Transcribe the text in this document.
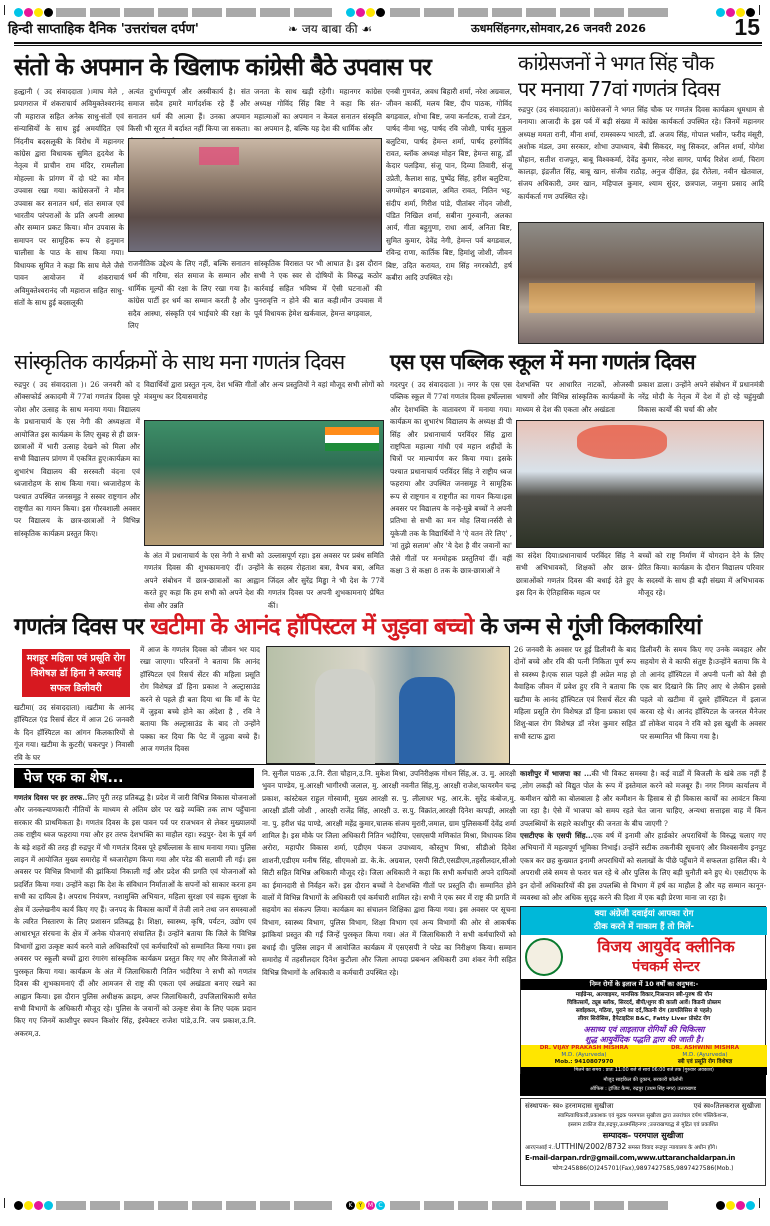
हिन्दी साप्ताहिक दैनिक 'उत्तरांचल दर्पण'	❧ जय बाबा की ☙	ऊधमसिंहनगर,सोमवार,26 जनवरी 2026	15
संतो के अपमान के खिलाफ कांग्रेसी बैठे उपवास पर
हल्द्वानी ( उद संवाददाता )।माघ मेले , प्रयागराज में शंकराचार्य अविमुक्तेश्वरानंद जी महाराज सहित अनेक साधु-संतों एवं संन्यासियों के साथ हुई अमर्यादित एवं निंदनीय बदसलूकी के विरोध में महानगर कांग्रेस द्वारा विधायक सुमित हृदयेश के नेतृत्व में प्राचीन राम मंदिर, रामलीला मोहल्ला के प्रांगण में दो घंटे का मौन उपवास रखा गया। कांग्रेसजनों ने मौन उपवास कर सनातन धर्म, संत समाज एवं भारतीय परंपराओं के प्रति अपनी आस्था और सम्मान प्रकट किया। मौन उपवास के समापन पर सामूहिक रूप से हनुमान चालीसा के पाठ के साथ किया गया। विधायक सुमित ने कहा कि साघ मेले जैसे पावन आयोजन में शंकराचार्य अविमुक्तेश्वरानंद जी महाराज सहित साधु-संतों के साथ हुई बदसलूकी
अत्यंत दुर्भाग्यपूर्ण और अस्वीकार्य है। संत समाज सदैव हमारे मार्गदर्शक रहे हैं और सनातन धर्म की आत्मा हैं। उनका अपमान किसी भी सूरत में बर्दाश्त नहीं किया जा सकता।
जनता के साथ खड़ी रहेगी। महानगर कांग्रेस अध्यक्ष गोविंद सिंह बिष्ट ने कहा कि संत-महात्माओं का अपमान न केवल सनातन संस्कृति का अपमान है, बल्कि यह देश की धार्मिक और
एनबी गुणवंत, अवध बिहारी शर्मा, नरेश अग्रवाल, जीवन कार्की, मलय बिष्ट, दीप पाठक, गोविंद बगड़वाल, शोभा बिष्ट, जया कर्नाटक, राजो टंडन, पार्षद नीमा भट्ट, पार्षद रवि जोशी, पार्षद मुकुल बलुटिया, पार्षद हेमन्त शर्मा, पार्षद हरगोविंद रावत, ब्लॉक अध्यक्ष मोहन बिष्ट, हेमन्त साहू, डॉ केदार पलड़िया, संजू पान, दिव्या तिवारी, संजू उप्रेती, कैलाश साह, पुष्पेंद्र सिंह, हरीश बलुटिया, जगमोहन बगडवाल, अमित रावत, नितिन भट्ट, संदीप शर्मा, गिरीश पांडे, पीतांबर नोंदन जोशी, पंडित निखिल शर्मा, सबीना गुरुवानी, अलका आर्य, गीता बहुगुणा, राधा आर्य, अनिता बिष्ट, सुमित कुमार, देवेंद्र नेगी, हेमन्त पर्व बगडवाल, रविन्द्र राणा, कार्तिक बिष्ट, हिमांशु जोशी, जीवन बिष्ट, उदित करायत, राम सिंह नगरकोटी, हर्ष कबीरा आदि उपस्थित रहे।
राजनीतिक उद्देश्य के लिए नहीं, बल्कि सनातन धर्म की गरिमा, संत समाज के सम्मान और धार्मिक मूल्यों की रक्षा के लिए रखा गया है। कांग्रेस पार्टी हर धर्म का सम्मान करती है और सदैव आस्था, संस्कृति एवं भाईचारे की रक्षा के लिए
सांस्कृतिक विरासत पर भी आघात है। इस दौरान सभी ने एक स्वर से दोषियों के विरुद्ध कठोर कार्रवाई सहित भविष्य में ऐसी घटनाओं की पुनरावृत्ति न होने की बात कही।मौन उपवास में पूर्व विधायक हेमेश खर्कवाल, हेमन्त बगड़वाल,
कांग्रेसजनों ने भगत सिंह चौक
पर मनाया 77वां गणतंत्र दिवस
रुद्रपुर (उद संवाददाता)। कांग्रेसजनों ने भगत सिंह चौक पर गणतंत्र दिवस कार्यक्रम धूमधाम से मनाया। आजादी के इस पर्व में बड़ी संख्या में कांग्रेस कार्यकर्ता उपस्थित रहे। जिनमें महानगर अध्यक्ष ममता रानी, मीना शर्मा, रामस्वरूप भारती, डॉ. अजय सिंह, गोपाल भसीन, फरीद मंसूरी, अशोक मंडल, उमा सरकार, शोभा उपाध्याय, बेबी सिकदर, मधु सिकदर, अनिल शर्मा, योगेश चौहान, सतीश राजपूत, बाबू विश्वकर्मा, देवेंद्र कुमार, नरेश सागर, पार्षद रिशेश शर्मा, चिराग कालड़ा, इंद्रजीत सिंह, बाबू खान, संजीव राठौड़, अनुज दीक्षित, इंद्र रौतेला, नवीन खेतवाल, संजय अधिकारी, उमर खान, महिपाल कुमार, श्याम सुंदर, छत्रपाल, जमुना प्रसाद आदि कार्यकर्ता गण उपस्थित रहे।
सांस्कृतिक कार्यक्रमों के साथ मना गणतंत्र दिवस
रुद्रपुर ( उद संवाददाता )। 26 जनवरी को द ऑक्सफोर्ड अकादमी में 77वां गणतंत्र दिवस पूरे जोश और उत्साह के साथ मनाया गया। विद्यालय के प्रधानाचार्य के एस नेगी की अध्यक्षता में आयोजित इस कार्यक्रम के लिए सुबह से ही छात्र-छात्राओं में भारी उत्साह देखने को मिला और सभी विद्यालय प्रांगण में एकत्रित हुए।कार्यक्रम का शुभारंभ विद्यालय की सरस्वती वंदना एवं ध्वजारोहण के साथ किया गया। ध्वजारोहण के पश्चात उपस्थित जनसमूह ने सस्वर राष्ट्रगान और राष्ट्रगीत का गायन किया। इस गौरवशाली अवसर पर विद्यालय के छात्र-छात्राओं ने विभिन्न सांस्कृतिक कार्यक्रम प्रस्तुत किए।
विद्यार्थियों द्वारा प्रस्तुत नृत्य, देश भक्ति गीतों और अन्य प्रस्तुतियों ने वहां मौजूद सभी लोगों को मंत्रमुग्ध कर दियासमारोह
के अंत में प्रधानाचार्य के एस नेगी ने सभी को गणतंत्र दिवस की शुभकामनाएं दीं। उन्होंने अपने संबोधन में छात्र-छात्राओं का आह्वान करते हुए कहा कि हम सभी को अपने देश की सेवा और उन्नति
उल्लासपूर्ण रहा। इस अवसर पर प्रबंध समिति के सदस्य रोहताश बत्रा, वैभव बत्रा, अमित जिंदल और सुरेंद्र मिड्ढा ने भी देश के 77वें गणतंत्र दिवस पर अपनी शुभकामनाएं प्रेषित कीं।
एस एस पब्लिक स्कूल में मना गणतंत्र दिवस
गदरपुर ( उद संवाददाता )। नगर के एस एस पब्लिक स्कूल में 77वां गणतंत्र दिवस हर्षोल्लास और देशभक्ति के वातावरण में मनाया गया। कार्यक्रम का शुभारंभ विद्यालय के अध्यक्ष डी पी सिंह और प्रधानाचार्य परविंदर सिंह द्वारा राष्ट्रपिता महात्मा गांधी एवं महान शहीदों के चित्रों पर माल्यार्पण कर किया गया। इसके पश्चात प्रधानाचार्य परविंदर सिंह ने राष्ट्रीय ध्वज फहराया और उपस्थित जनसमूह ने सामूहिक रूप से राष्ट्रगान व राष्ट्रगीत का गायन किया।इस अवसर पर विद्यालय के नन्हे-मुन्ने बच्चों ने अपनी प्रतिभा से सभी का मन मोह लिया।नर्सरी से यूकेजी तक के विद्यार्थियों ने 'ऐ वतन तेरे लिए' , 'मां तुझे सलाम' और 'ये देश है वीर जवानों का' जैसे गीतों पर मनमोहक प्रस्तुतियां दीं। वहीं कक्षा 3 से कक्षा 8 तक के छात्र-छात्राओं ने
देशभक्ति पर आधारित नाटकों, ओजस्वी भाषणों और विभिन्न सांस्कृतिक कार्यक्रमों के माध्यम से देश की एकता और अखंडता
प्रकाश डाला। उन्होंने अपने संबोधन में प्रधानमंत्री नरेंद्र मोदी के नेतृत्व में देश में हो रहे चहुंमुखी विकास कार्यों की चर्चा की और
का संदेश दिया।प्रधानाचार्य परविंदर सिंह ने सभी अभिभावकों, शिक्षकों और छात्र-छात्राओंको गणतंत्र दिवस की बधाई देते हुए इस दिन के ऐतिहासिक महत्व पर
बच्चों को राष्ट्र निर्माण में योगदान देने के लिए प्रेरित किया। कार्यक्रम के दौरान विद्यालय परिवार के सदस्यों के साथ ही बड़ी संख्या में अभिभावक मौजूद रहे।
गणतंत्र दिवस पर खटीमा के आनंद हॉपिस्टल में जुड़वा बच्चो के जन्म से गूंजी किलकारियां
मशहूर महिला एवं प्रसूति रोग विशेषज्ञ डॉ हिना ने करवाई सफल डिलीवरी
खटीमा( उद संवाददाता) ।खटीमा के आनंद हॉस्पिटल एंड रिसर्च सेंटर में आज 26 जनवरी के दिन हॉस्पिटल का आंगन किलकारियों से गूंज गया। खटीमा के कुटरी( चकरपुर ) निवासी रवि के घर
में आज के गणतंत्र दिवस को जीवन भर याद रखा जाएगा। परिजनों ने बताया कि आनंद हॉस्पिटल एवं रिसर्च सेंटर की महिला प्रसूति रोग विशेषज्ञ डॉ हिना प्रकाश ने अल्ट्रासाउंड करने से पहले ही बता दिया था कि माँ के पेट में जुड़वा बच्चे होने का अंदेशा है , रवि ने बताया कि अल्ट्रासाउंड के बाद तो उन्होंने पक्का कर दिया कि पेट में जुड़वा बच्चे हैं। आज गणतंत्र दिवस
26 जनवरी के अवसर पर हुई डिलीवरी के बाद दोनों बच्चे और रवि की पत्नी निकिता पूर्ण रूप से स्वस्थ्य है।एक साल पहले ही अप्रेल माह हो वैवाहिक जीवन में प्रवेश हुए रवि ने बताया कि खटीमा के आनंद हॉस्पिटल एवं रिसर्च सेंटर की महिला प्रसूति रोग विशेषज्ञ डॉ हिना प्रकाश एवं शिशु-बाल रोग विशेषज्ञ डॉ नरेश कुमार सहित सभी स्टाफ द्वारा
डिलीवरी के समय किए गए उनके व्यवहार और सहयोग से वे काफी संतुष्ट है।उन्होंने बताया कि वे तो आनंद हॉस्पिटल में अपनी पत्नी को वैसे ही एक बार दिखाने कि लिए आए थे लेकीन इससे पहले वो खटीमा में दूसरे हॉस्पिटल में इलाज करवा रहे थे। आनंद हॉस्पिटल के जनरल मैनेजर डॉ लोकेश यादव ने रवि को इस खुशी के अवसर पर सम्मानित भी किया गया है।
पेज एक का शेष...
गणतंत्र दिवस पर हर तरफ..लिए पूरी तरह प्रतिबद्ध है। प्रदेश में जारी विभिन्न विकास योजनाओं और जनकल्याणकारी नीतियों के माध्यम से अंतिम छोर पर खड़े व्यक्ति तक लाभ पहुँचाना सरकार की प्राथमिकता है। गणतंत्र दिवस के इस पावन पर्व पर राजभवन से लेकर मुख्यालयों तक राष्ट्रीय ध्वज फहराया गया और हर तरफ देशभक्ति का माहौल रहा। रुद्रपुर- देश के पूर्व वर्ग के बड़े शहरों की तरह ही रुद्रपुर में भी गणतंत्र दिवस पूरे हर्षोल्लास के साथ मनाया गया। पुलिस लाइन में आयोजित मुख्य समारोह में ध्वजारोहण किया गया और परेड की सलामी ली गई। इस अवसर पर विभिन्न विभागों की झांकियां निकाली गईं और प्रदेश की प्रगति एवं योजनाओं को प्रदर्शित किया गया। उन्होंने कहा कि देश के संविधान निर्माताओं के सपनों को साकार करना हम सभी का दायित्व है। अपराध नियंत्रण, नशामुक्ति अभियान, महिला सुरक्षा एवं सड़क सुरक्षा के क्षेत्र में उल्लेखनीय कार्य किए गए हैं। जनपद के विकास कार्यों में तेजी लाने तथा जन समस्याओं के त्वरित निस्तारण के लिए प्रशासन प्रतिबद्ध है। शिक्षा, स्वास्थ्य, कृषि, पर्यटन, उद्योग एवं आधारभूत संरचना के क्षेत्र में अनेक योजनाएं संचालित हैं। उन्होंने बताया कि जिले के विभिन्न विभागों द्वारा उत्कृष्ट कार्य करने वाले अधिकारियों एवं कर्मचारियों को सम्मानित किया गया। इस अवसर पर स्कूली बच्चों द्वारा रंगारंग सांस्कृतिक कार्यक्रम प्रस्तुत किए गए और विजेताओं को पुरस्कृत किया गया। कार्यक्रम के अंत में जिलाधिकारी नितिन भदौरिया ने सभी को गणतंत्र दिवस की शुभकामनाएं दीं और आमजन से राष्ट्र की एकता एवं अखंडता बनाए रखने का आह्वान किया। इस दौरान पुलिस अधीक्षक क्राइम, अपर जिलाधिकारी, उपजिलाधिकारी समेत सभी विभागों के अधिकारी मौजूद रहे। पुलिस के जवानों को उत्कृष्ट सेवा के लिए पदक प्रदान किए गए जिनमें काशीपुर स्वपन किशोर सिंह, इंस्पेक्टर राजेश पांडे,उ.नि. जय प्रकाश,उ.नि. अकरम,उ.
नि. सुनील पाठक ,उ.नि. रीता चौहान,उ.नि. मुकेश मिश्रा, उपनिरीक्षक गोधन सिंह,अ. उ. मु. आरक्षी भुवन पाण्डेय, मु.आरक्षी भागीरथी जलाल, मु. आरक्षी नवनीत सिंह,मु. आरक्षी राजेश,फायरमैन चन्द्र प्रकाश, कांस्टेबल राहुल गोस्वामी, मुख्य आरक्षी स. पु. लीलाधर भट्ट, आर.के. सुरेंद्र कंबोज,मु. आरक्षी डॉली जोशी , आरक्षी राजेंद्र सिंह, आरक्षी उ. स.पु. विक्रांत,आरक्षी दिनेश कापड़ी, आरक्षी ना. पु. हरीश चंद्र पाण्डे, आरक्षी महेंद्र कुमार,चालक संजय मुरारी,जमाल, ग्राम पुलिसकर्मी देवेंद्र शर्मा शामिल है। इस मौके पर जिला अधिकारी नितिन भदौरिया, एसएसपी मणिकांत मिश्रा, विधायक शिव अरोरा, महापौर विकास शर्मा, एडीएम पंकज उपाध्याय, कौस्तुभ मिश्रा, सीडीओ दिवेश शाशनी,एडीएम मनीष सिंह, सीएमओ डा. के.के. अग्रवाल, एसपी सिटी,एसडीएम,तहसीलदार,सीओ सिटी सहित विभिन्न अधिकारी मौजूद रहे। जिला अधिकारी ने कहा कि सभी कर्मचारी अपने दायित्वों का ईमानदारी से निर्वहन करें। इस दौरान बच्चों ने देशभक्ति गीतों पर प्रस्तुति दी। सम्मानित होने वालों में विभिन्न विभागों के अधिकारी एवं कर्मचारी शामिल रहे। सभी ने एक स्वर में राष्ट्र की प्रगति में सहयोग का संकल्प लिया। कार्यक्रम का संचालन शिक्षिका द्वारा किया गया। इस अवसर पर सूचना विभाग, स्वास्थ्य विभाग, पुलिस विभाग, शिक्षा विभाग एवं अन्य विभागों की ओर से आकर्षक झांकियां प्रस्तुत की गईं जिन्हें पुरस्कृत किया गया। अंत में जिलाधिकारी ने सभी कर्मचारियों को बधाई दी। पुलिस लाइन में आयोजित कार्यक्रम में एसएसपी ने परेड का निरीक्षण किया। सम्मान समारोह में तहसीलदार दिनेश कुटौला और जिला आपदा प्रबन्धन अधिकारी उमा शंकर नेगी सहित विभिन्न विभागों के अधिकारी व कर्मचारी उपस्थित रहे।
काशीपुर में भाजपा का ...की भी विकट समस्या है। कई वार्डों में बिजली के खंबे तक नहीं हैं ,लोग लकड़ी को विद्युत पोल के रूप में इस्तेमाल करने को मजबूर हैं। नगर निगम कार्यालय में कमीशन खोरी का बोलबाला है और कमीशन के हिसाब से ही विकास कार्यों का आवंटन किया जा रहा है। ऐसे में भाजपा को समय रहते चेत जाना चाहिए, अन्यथा सत्ताइस वाह में किन उपलब्धियों के सहारे काशीपुर की जनता के बीच जाएगी ?
एसटीएफ के एसपी सिंह...एक वर्ष में इनामी और हार्डकोर अपराधियों के विरुद्ध चलाए गए अभियानों में महत्वपूर्ण भूमिका निभाई। उन्होंने सटीक तकनीकी सूचनाएं और विश्वसनीय इनपुट एकत्र कर छह कुख्यात इनामी अपराधियों को सलाखों के पीछे पहुँचाने में सफलता हासिल की। ये अपराधी लंबे समय से फरार चल रहे थे और पुलिस के लिए बड़ी चुनौती बने हुए थे। एसटीएफ के इन दोनों अधिकारियों की इस उपलब्धि से विभाग में हर्ष का माहौल है और यह सम्मान कानून-व्यवस्था को और अधिक सुदृढ़ करने की दिशा में एक बड़ी प्रेरणा माना जा रहा है।
क्या अंग्रेजी दवाईयां आपका रोग
ठीक करने में नाकाम हैं तो मिलें-
विजय आयुर्वेद क्लीनिक
पंचकर्म सेन्टर
निम्न रोगों के इलाज में 10 वर्षों का अनुभव:-
माईग्रेन्स, अल्जाइमर, मानसिक विकार,निःसन्तान स्त्री-पुरुष की यौन
चिकित्सायें, ट्यूब ब्लॉक, सिरदर्द, बीपी/शुगर की काली आवें। किडनी प्रोब्लम
सर्वाइकल, गठिया, पुराने का दर्द,किडनी रोग (डायलिसिस से पहले)
लीवर सिरोसिस, हैपेटाइटिस B&C, Fatty Liver प्रोस्टेट रोग
असाध्य एवं लाइलाज रोगियों की चिकित्सा
शुद्ध आयुर्वेदिक पद्धति द्वारा की जाती है।
DR. VIJAY PRAKASH MISHRA
M.D. (Ayurveda)
Mob.: 9410807970
DR. ASHWINI MISHRA
M.D. (Ayurveda)
स्त्री एवं प्रसूति रोग विशेषज्ञ
मिलने का समय : प्रातः 11:00 बजे से सायं 06:00 बजे तक (गुरुवार अवकाश)
मौजूद साइकिल की दुकान, सरकारी कॉलोनी
ऑफिस : ट्रांजिट कैम्प, रुद्रपुर (उधम सिंह नगर) उत्तराखण्ड
संस्थापक- स्व० हरनामदास सुखीजा	एवं स्व०तिलकराज सुखीजा
स्वामित्वाधिकारी,प्रकाशक एवं मुद्रक परमपाल सुखीजा द्वारा उत्तरांचल दर्पण पब्लिकेशन्स,
इस्लाम टाकीज रोड,रुद्रपुर,ऊधमसिंहनगर ;उत्तराखण्डद्ध से मुद्रित एवं प्रकाशित
सम्पादक- परमपाल सुखीजा
आरएनआई नं.:UTTHIN/2002/8732 समस्त विवाद रूद्रपुर न्यायालय के अधीन होंगे।
E-mail-darpan.rdr@gmail.com,www.uttaranchaldarpan.in
फोन:245886(O)245701(Fax),9897427585,9897427586(Mob.)
K	Y M C
